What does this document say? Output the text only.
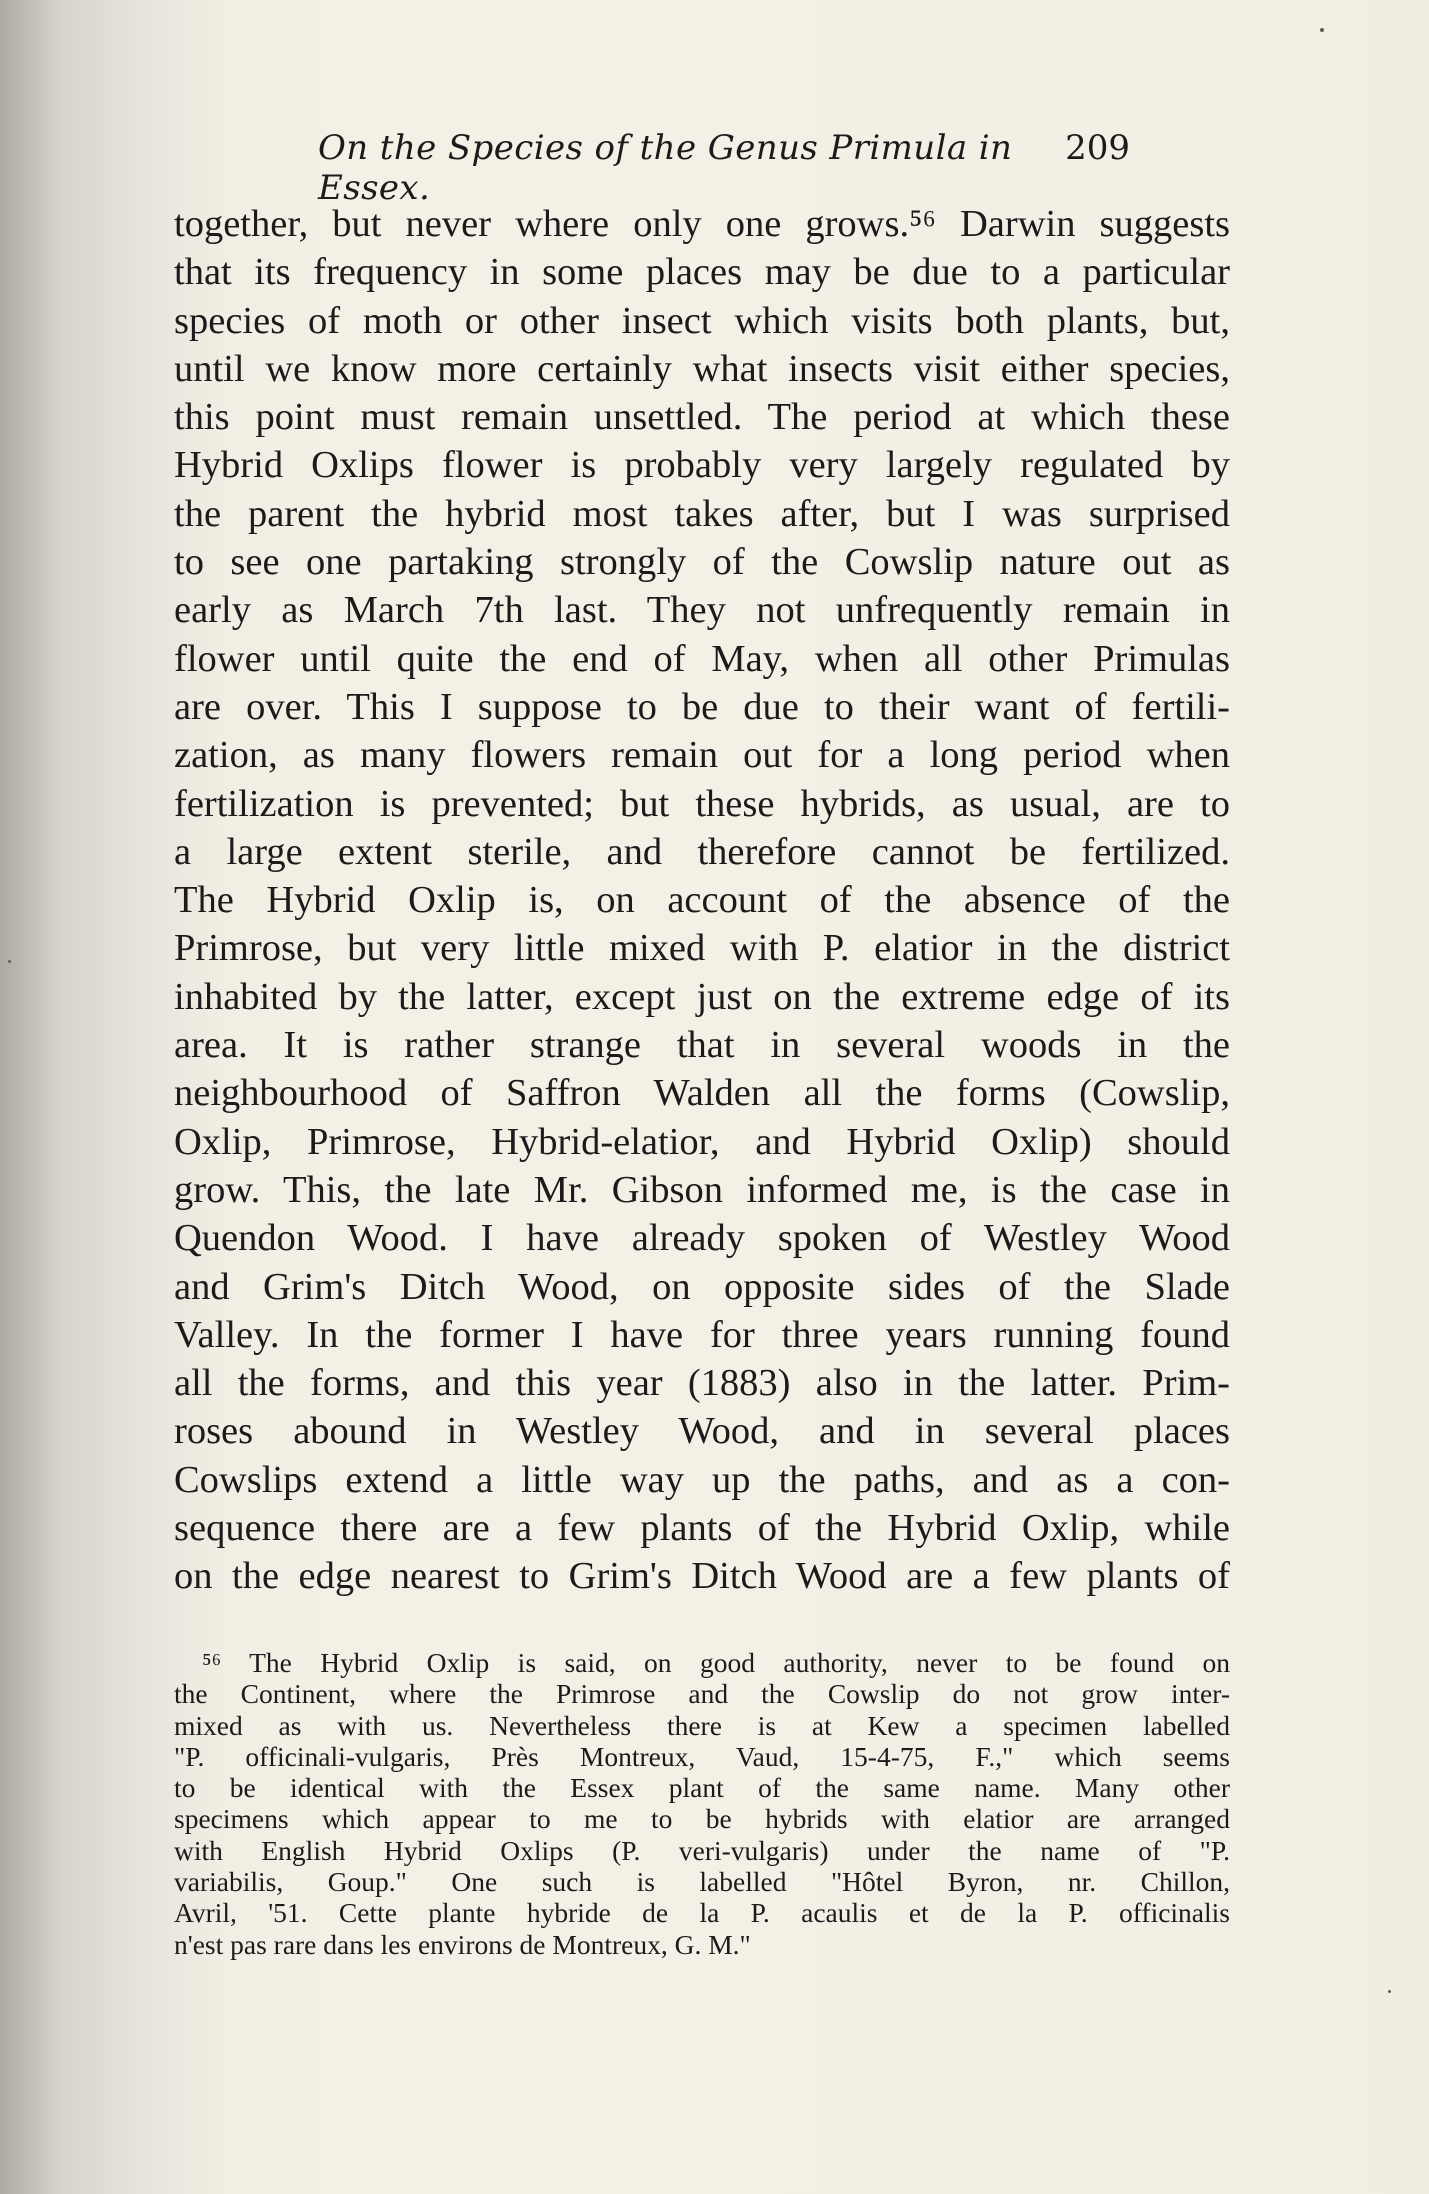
On the Species of the Genus Primula in Essex.
209
together, but never where only one grows.⁵⁶ Darwin suggests
that its frequency in some places may be due to a particular
species of moth or other insect which visits both plants, but,
until we know more certainly what insects visit either species,
this point must remain unsettled. The period at which these
Hybrid Oxlips flower is probably very largely regulated by
the parent the hybrid most takes after, but I was surprised
to see one partaking strongly of the Cowslip nature out as
early as March 7th last. They not unfrequently remain in
flower until quite the end of May, when all other Primulas
are over. This I suppose to be due to their want of fertili-
zation, as many flowers remain out for a long period when
fertilization is prevented; but these hybrids, as usual, are to
a large extent sterile, and therefore cannot be fertilized.
The Hybrid Oxlip is, on account of the absence of the
Primrose, but very little mixed with P. elatior in the district
inhabited by the latter, except just on the extreme edge of its
area. It is rather strange that in several woods in the
neighbourhood of Saffron Walden all the forms (Cowslip,
Oxlip, Primrose, Hybrid-elatior, and Hybrid Oxlip) should
grow. This, the late Mr. Gibson informed me, is the case in
Quendon Wood. I have already spoken of Westley Wood
and Grim's Ditch Wood, on opposite sides of the Slade
Valley. In the former I have for three years running found
all the forms, and this year (1883) also in the latter. Prim-
roses abound in Westley Wood, and in several places
Cowslips extend a little way up the paths, and as a con-
sequence there are a few plants of the Hybrid Oxlip, while
on the edge nearest to Grim's Ditch Wood are a few plants of
⁵⁶ The Hybrid Oxlip is said, on good authority, never to be found on
the Continent, where the Primrose and the Cowslip do not grow inter-
mixed as with us. Nevertheless there is at Kew a specimen labelled
"P. officinali-vulgaris, Près Montreux, Vaud, 15-4-75, F.," which seems
to be identical with the Essex plant of the same name. Many other
specimens which appear to me to be hybrids with elatior are arranged
with English Hybrid Oxlips (P. veri-vulgaris) under the name of "P.
variabilis, Goup." One such is labelled "Hôtel Byron, nr. Chillon,
Avril, '51. Cette plante hybride de la P. acaulis et de la P. officinalis
n'est pas rare dans les environs de Montreux, G. M."
